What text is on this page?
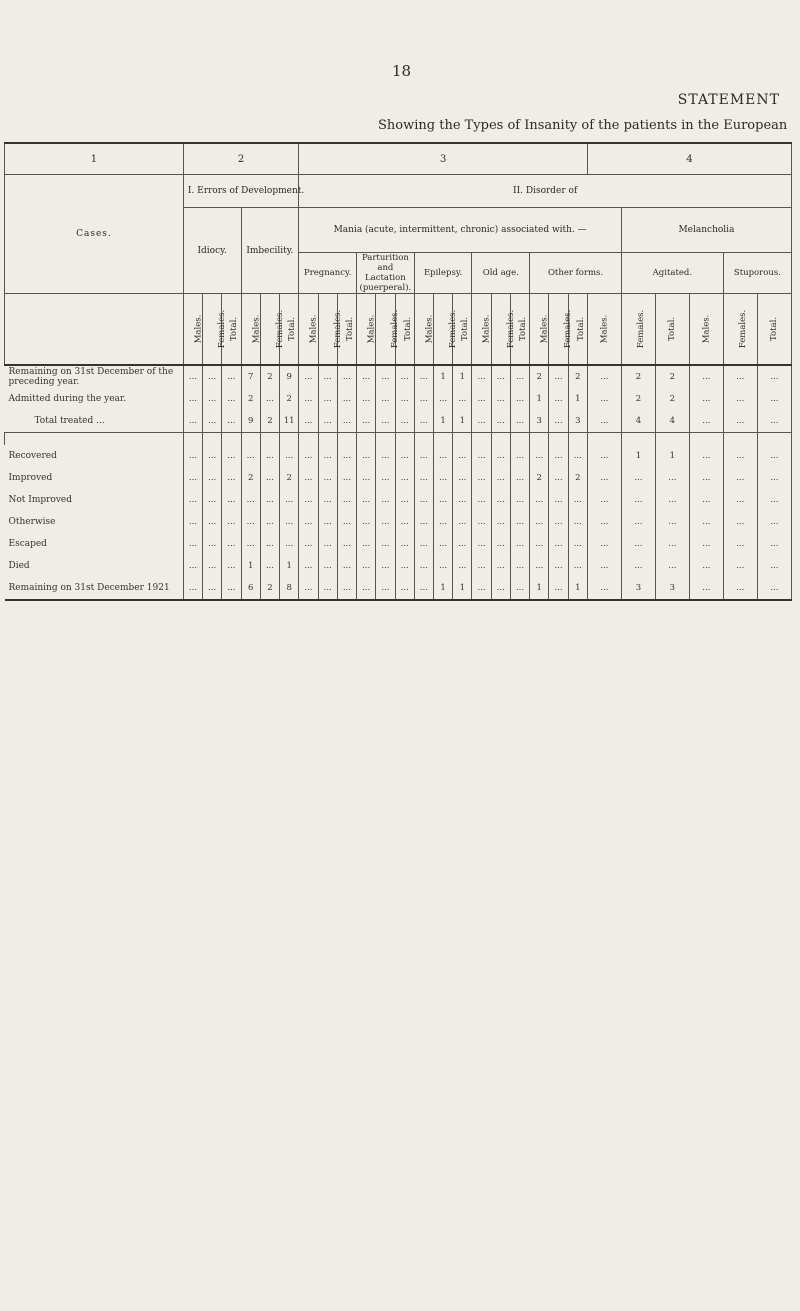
18
STATEMENT
Showing the Types of Insanity of the patients in the European
1	2						3															4					
Cases.	I. Errors of Development.						II. Disorder of																				
	Idiocy.			Imbecility.			Mania (acute, intermittent, chronic) associated with. —																Melancholia				
							Pregnancy.			Parturition and Lactation (puerperal).			Epilepsy.			Old age.			Other forms.				Agitated.			Stuporous.	
	Males.	Females.	Total.	Males.	Females.	Total.	Males.	Females.	Total.	Males.	Females.	Total.	Males.	Females.	Total.	Males.	Females.	Total.	Males.	Females.	Total.	Males.	Females.	Total.	Males.	Females.	Total.
Remaining on 31st December of the preceding year.	...	...	...	7	2	9	...	...	...	...	...	...	...	1	1	...	...	...	2	...	2	...	2	2	...	...	...
Admitted during the year.	...	...	...	2	...	2	...	...	...	...	...	...	...	...	...	...	...	...	1	...	1	...	2	2	...	...	...
Total treated ...	...	...	...	9	2	11	...	...	...	...	...	...	...	1	1	...	...	...	3	...	3	...	4	4	...	...	...

Recovered	...	...	...	...	...	...	...	...	...	...	...	...	...	...	...	...	...	...	...	...	...	...	1	1	...	...	...
Improved	...	...	...	2	...	2	...	...	...	...	...	...	...	...	...	...	...	...	2	...	2	...	...	...	...	...	...
Not Improved	...	...	...	...	...	...	...	...	...	...	...	...	...	...	...	...	...	...	...	...	...	...	...	...	...	...	...
Otherwise	...	...	...	...	...	...	...	...	...	...	...	...	...	...	...	...	...	...	...	...	...	...	...	...	...	...	...
Escaped	...	...	...	...	...	...	...	...	...	...	...	...	...	...	...	...	...	...	...	...	...	...	...	...	...	...	...
Died	...	...	...	1	...	1	...	...	...	...	...	...	...	...	...	...	...	...	...	...	...	...	...	...	...	...	...
Remaining on 31st December 1921	...	...	...	6	2	8	...	...	...	...	...	...	...	1	1	...	...	...	1	...	1	...	3	3	...	...	...
